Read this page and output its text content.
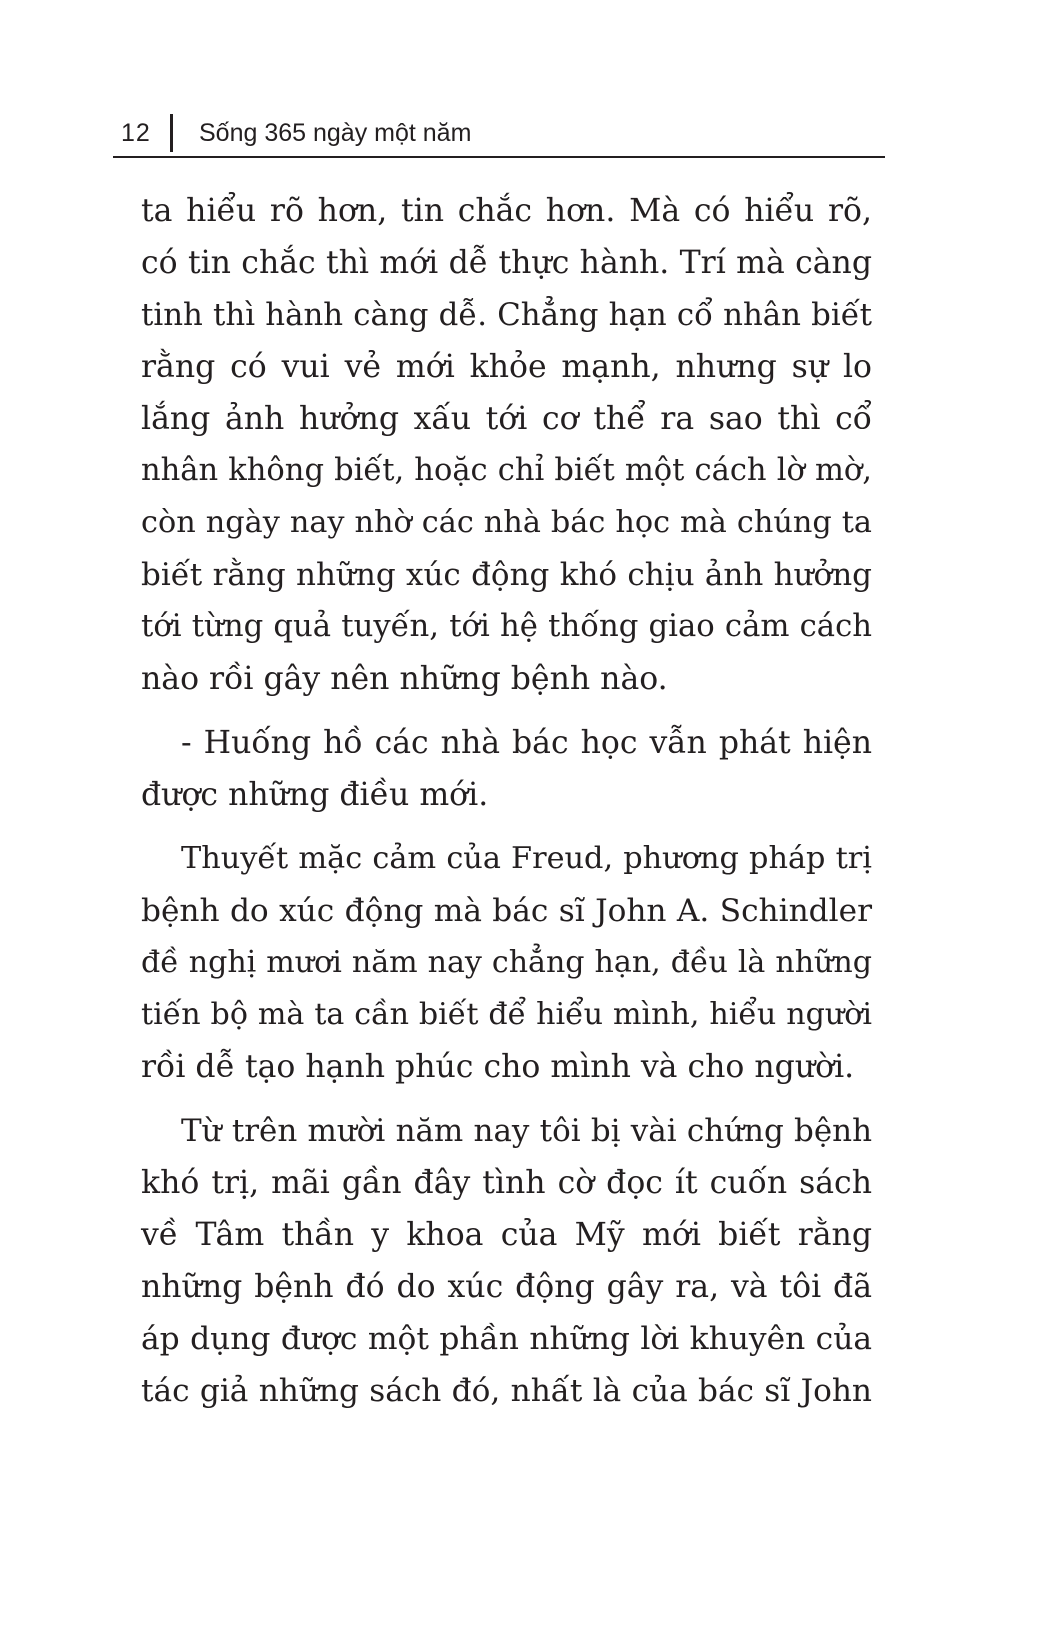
12 Sống 365 ngày một năm
ta hiểu rõ hơn, tin chắc hơn. Mà có hiểu rõ,
có tin chắc thì mới dễ thực hành. Trí mà càng
tinh thì hành càng dễ. Chẳng hạn cổ nhân biết
rằng có vui vẻ mới khỏe mạnh, nhưng sự lo
lắng ảnh hưởng xấu tới cơ thể ra sao thì cổ
nhân không biết, hoặc chỉ biết một cách lờ mờ,
còn ngày nay nhờ các nhà bác học mà chúng ta
biết rằng những xúc động khó chịu ảnh hưởng
tới từng quả tuyến, tới hệ thống giao cảm cách
nào rồi gây nên những bệnh nào.
- Huống hồ các nhà bác học vẫn phát hiện
được những điều mới.
Thuyết mặc cảm của Freud, phương pháp trị
bệnh do xúc động mà bác sĩ John A. Schindler
đề nghị mươi năm nay chẳng hạn, đều là những
tiến bộ mà ta cần biết để hiểu mình, hiểu người
rồi dễ tạo hạnh phúc cho mình và cho người.
Từ trên mười năm nay tôi bị vài chứng bệnh
khó trị, mãi gần đây tình cờ đọc ít cuốn sách
về Tâm thần y khoa của Mỹ mới biết rằng
những bệnh đó do xúc động gây ra, và tôi đã
áp dụng được một phần những lời khuyên của
tác giả những sách đó, nhất là của bác sĩ John
